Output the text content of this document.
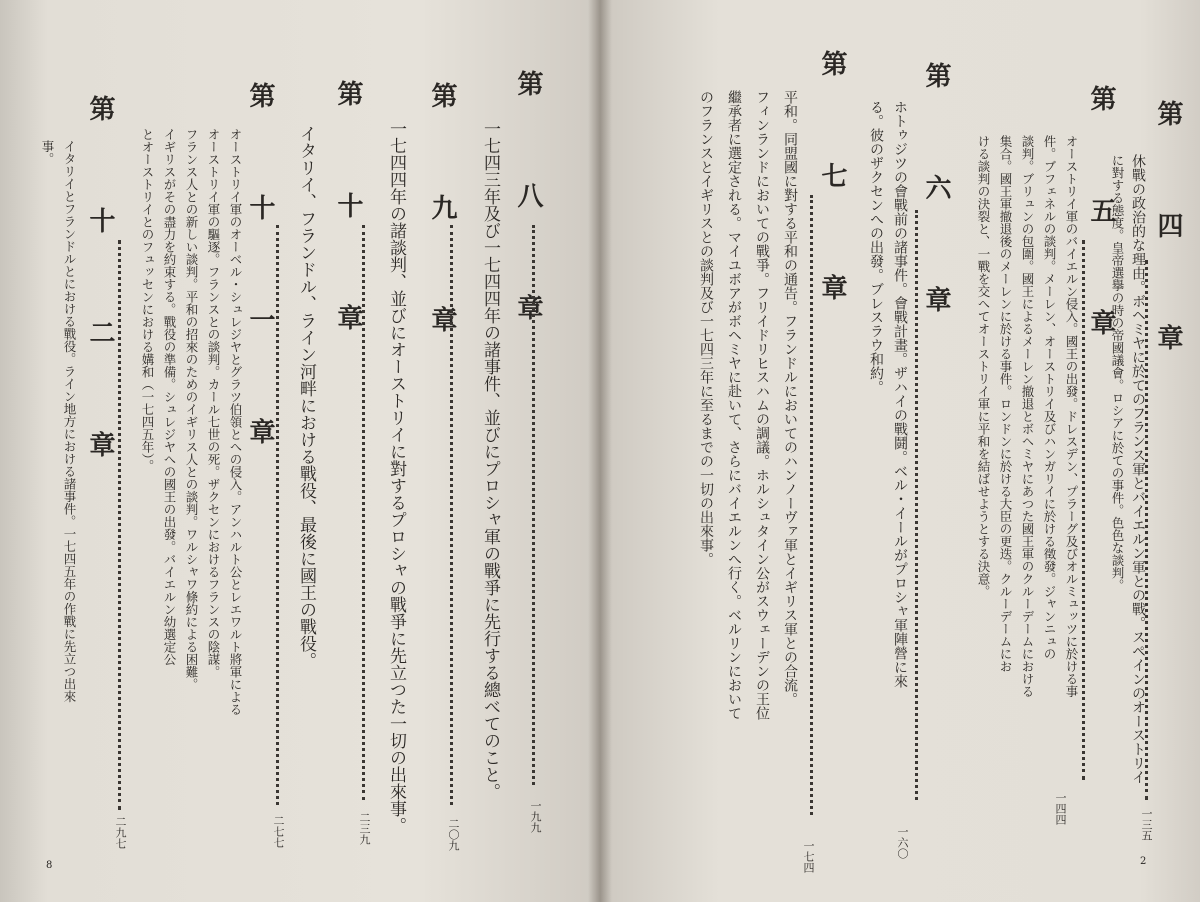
第　四　章
休戰の政治的な理由。ボヘミヤに於てのフランス軍とバイエルン軍との戰。スペインのオーストリイ
に對する態度。皇帝選擧の時の帝國議會。ロシアに於ての事件。色色な談判。
一三五
第　五　章
オーストリイ軍のバイエルン侵入。國王の出發。ドレスデン、プラーグ及びオルミュッツに於ける事
件。ブフェネルの談判。メーレン、オーストリイ及びハンガリイに於ける徵發。ジャンニュの
談判。ブリュンの包圍。國王によるメーレン撤退とボヘミヤにあつた國王軍のクルーデームにおける
集合。國王軍撤退後のメーレンに於ける事件。ロンドンに於ける大臣の更迭。クルーデームにお
ける談判の決裂と、一戰を交へてオーストリイ軍に平和を結ばせようとする決意。
一四四
第　六　章
ホトゥジツの會戰前の諸事件。會戰計畫。ザハイの戰鬪。ベル・イールがプロシャ軍陣營に來
る。彼のザクセンへの出發。ブレスラウ和約。
一六〇
第　七　章
平和。同盟國に對する平和の通告。フランドルにおいてのハンノーヴァ軍とイギリス軍との合流。
フィンランドにおいての戰爭。フリイドリヒスハムの調議。ホルシュタイン公がスウェーデンの王位
繼承者に選定される。マイユボアがボヘミヤに赴いて、さらにバイエルンへ行く。ベルリンにおいて
のフランスとイギリスとの談判及び一七四三年に至るまでの一切の出來事。
一七四	2
第　八　章
一七四三年及び一七四四年の諸事件、並びにプロシャ軍の戰爭に先行する總べてのこと。
一九九
第　九　章
一七四四年の諸談判、並びにオーストリイに對するプロシャの戰爭に先立つた一切の出來事。
二〇九
第　十　章
イタリイ、フランドル、ライン河畔における戰役、最後に國王の戰役。
二三九
第　十　一　章
オーストリイ軍のオーベル・シュレジヤとグラツ伯領とへの侵入。アンハルト公とレエワルト將軍による
オーストリイ軍の驅逐。フランスとの談判。カール七世の死。ザクセンにおけるフランスの陰謀。
フランス人との新しい談判。平和の招來のためのイギリス人との談判。ワルシャワ條約による困難。
イギリスがその盡力を約束する。戰役の準備。シュレジヤへの國王の出發。バイエルン幼選定公
とオーストリイとのフュッセンにおける媾和（一七四五年）。
二七七
第　十　二　章
イタリイとフランドルとにおける戰役。ライン地方における諸事件。一七四五年の作戰に先立つ出來
事。
二九七
8
